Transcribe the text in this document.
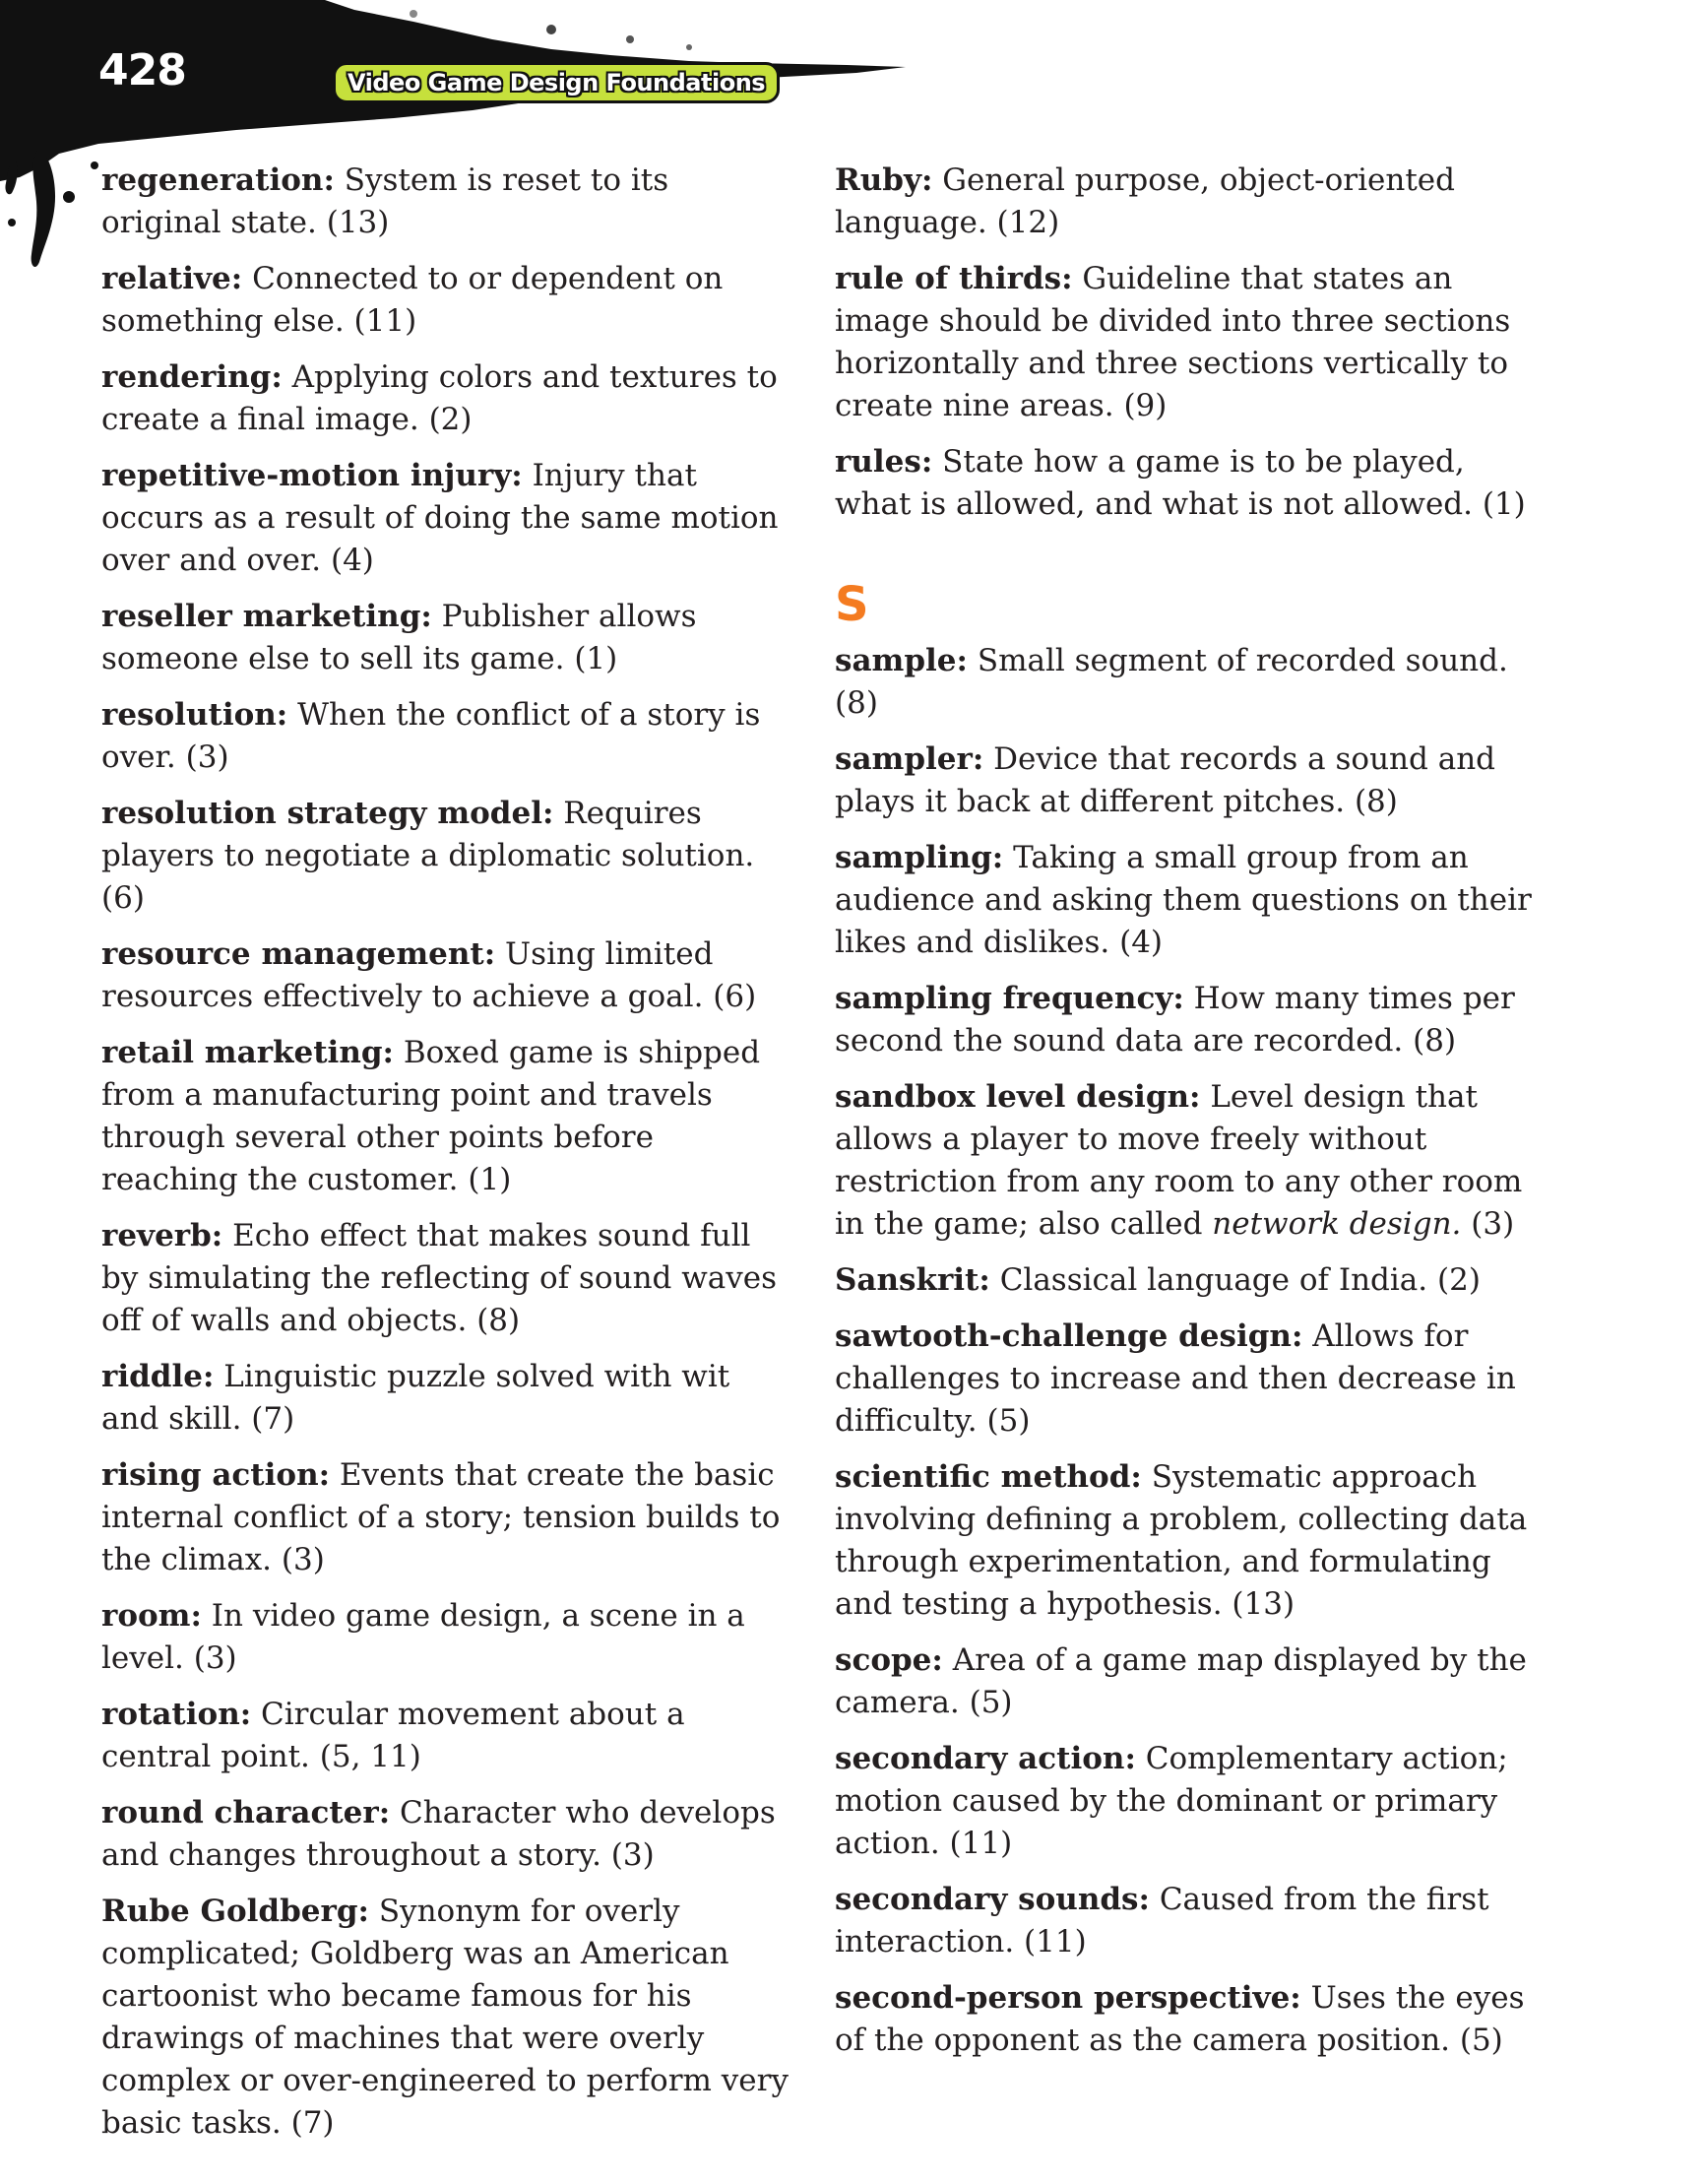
428	Video Game Design Foundations

regeneration: System is reset to its original state. (13)

relative: Connected to or dependent on something else. (11)

rendering: Applying colors and textures to create a final image. (2)

repetitive-motion injury: Injury that occurs as a result of doing the same motion over and over. (4)

reseller marketing: Publisher allows someone else to sell its game. (1)

resolution: When the conflict of a story is over. (3)

resolution strategy model: Requires players to negotiate a diplomatic solution. (6)

resource management: Using limited resources effectively to achieve a goal. (6)

retail marketing: Boxed game is shipped from a manufacturing point and travels through several other points before reaching the customer. (1)

reverb: Echo effect that makes sound full by simulating the reflecting of sound waves off of walls and objects. (8)

riddle: Linguistic puzzle solved with wit and skill. (7)

rising action: Events that create the basic internal conflict of a story; tension builds to the climax. (3)

room: In video game design, a scene in a level. (3)

rotation: Circular movement about a central point. (5, 11)

round character: Character who develops and changes throughout a story. (3)

Rube Goldberg: Synonym for overly complicated; Goldberg was an American cartoonist who became famous for his drawings of machines that were overly complex or over-engineered to perform very basic tasks. (7)

Ruby: General purpose, object-oriented language. (12)

rule of thirds: Guideline that states an image should be divided into three sections horizontally and three sections vertically to create nine areas. (9)

rules: State how a game is to be played, what is allowed, and what is not allowed. (1)

S

sample: Small segment of recorded sound. (8)

sampler: Device that records a sound and plays it back at different pitches. (8)

sampling: Taking a small group from an audience and asking them questions on their likes and dislikes. (4)

sampling frequency: How many times per second the sound data are recorded. (8)

sandbox level design: Level design that allows a player to move freely without restriction from any room to any other room in the game; also called network design. (3)

Sanskrit: Classical language of India. (2)

sawtooth-challenge design: Allows for challenges to increase and then decrease in difficulty. (5)

scientific method: Systematic approach involving defining a problem, collecting data through experimentation, and formulating and testing a hypothesis. (13)

scope: Area of a game map displayed by the camera. (5)

secondary action: Complementary action; motion caused by the dominant or primary action. (11)

secondary sounds: Caused from the first interaction. (11)

second-person perspective: Uses the eyes of the opponent as the camera position. (5)
